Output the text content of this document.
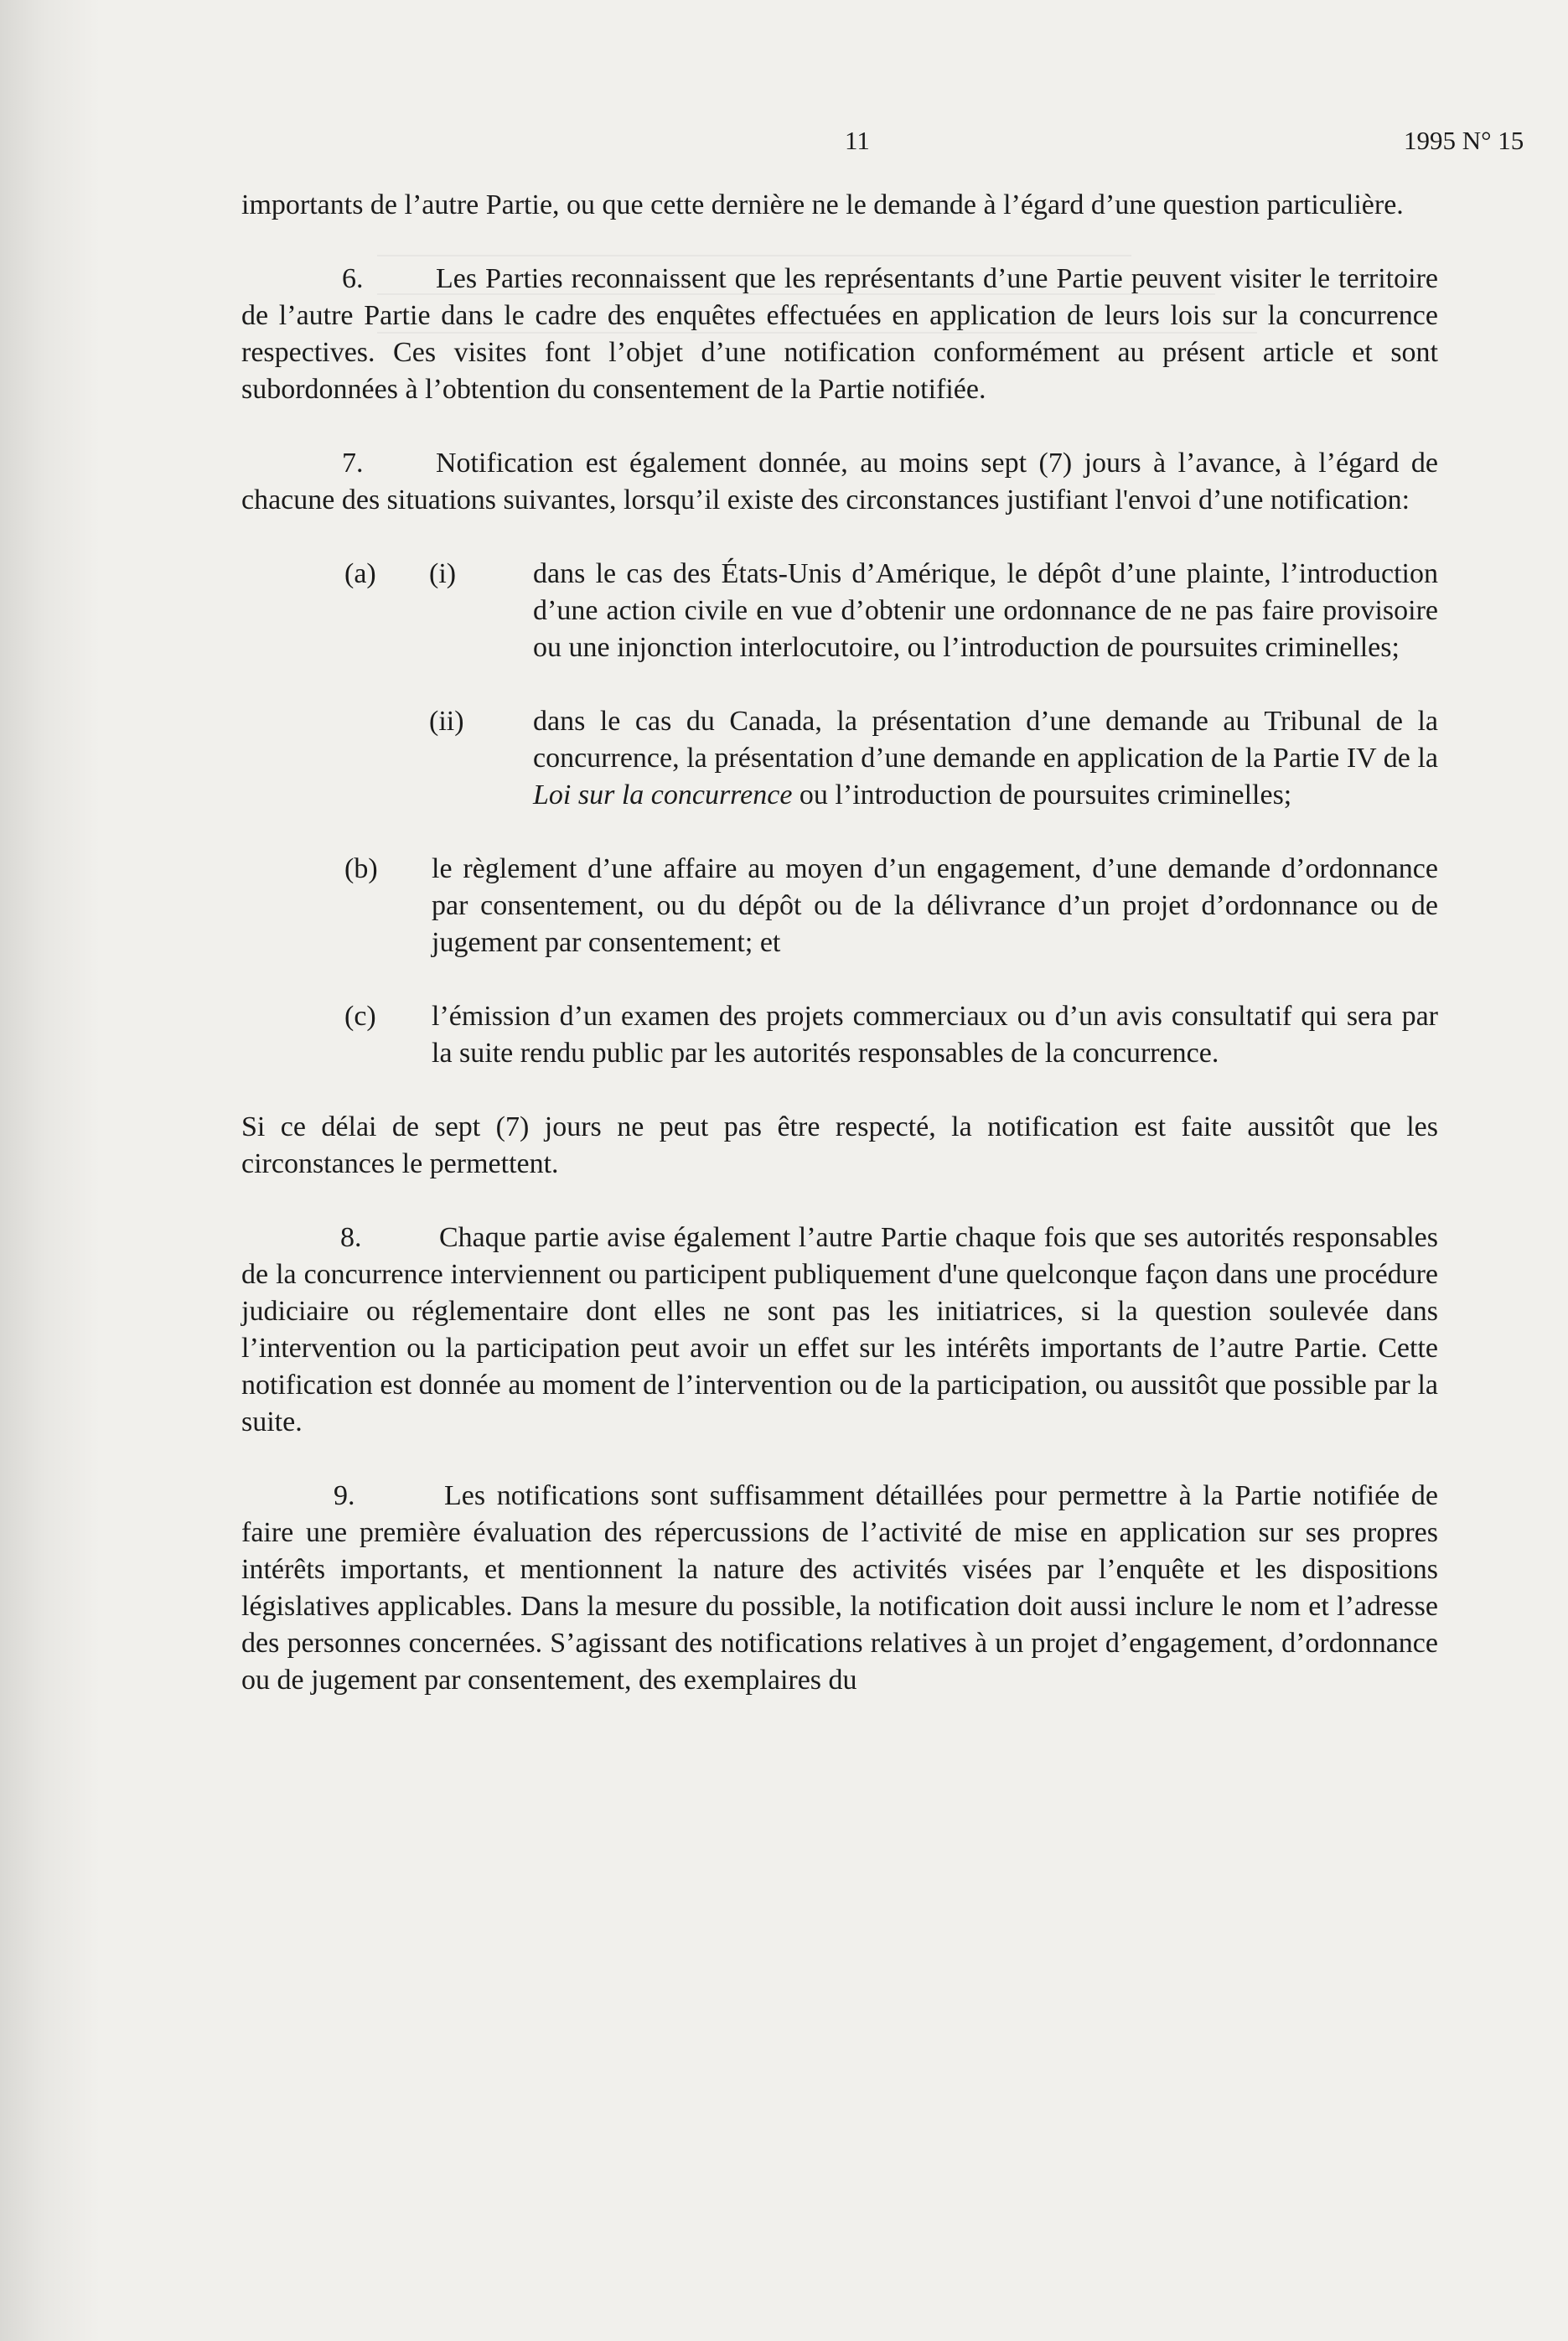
11	1995 N° 15

importants de l’autre Partie, ou que cette dernière ne le demande à l’égard d’une question particulière.

6.	Les Parties reconnaissent que les représentants d’une Partie peuvent visiter le territoire de l’autre Partie dans le cadre des enquêtes effectuées en application de leurs lois sur la concurrence respectives. Ces visites font l’objet d’une notification conformément au présent article et sont subordonnées à l’obtention du consentement de la Partie notifiée.

7.	Notification est également donnée, au moins sept (7) jours à l’avance, à l’égard de chacune des situations suivantes, lorsqu’il existe des circonstances justifiant l'envoi d’une notification:

(a) (i)	dans le cas des États-Unis d’Amérique, le dépôt d’une plainte, l’introduction d’une action civile en vue d’obtenir une ordonnance de ne pas faire provisoire ou une injonction interlocutoire, ou l’introduction de poursuites criminelles;

(ii) dans le cas du Canada, la présentation d’une demande au Tribunal de la concurrence, la présentation d’une demande en application de la Partie IV de la Loi sur la concurrence ou l’introduction de poursuites criminelles;

(b) le règlement d’une affaire au moyen d’un engagement, d’une demande d’ordonnance par consentement, ou du dépôt ou de la délivrance d’un projet d’ordonnance ou de jugement par consentement; et

(c) l’émission d’un examen des projets commerciaux ou d’un avis consultatif qui sera par la suite rendu public par les autorités responsables de la concurrence.

Si ce délai de sept (7) jours ne peut pas être respecté, la notification est faite aussitôt que les circonstances le permettent.

8.	Chaque partie avise également l’autre Partie chaque fois que ses autorités responsables de la concurrence interviennent ou participent publiquement d'une quelconque façon dans une procédure judiciaire ou réglementaire dont elles ne sont pas les initiatrices, si la question soulevée dans l’intervention ou la participation peut avoir un effet sur les intérêts importants de l’autre Partie. Cette notification est donnée au moment de l’intervention ou de la participation, ou aussitôt que possible par la suite.

9.	Les notifications sont suffisamment détaillées pour permettre à la Partie notifiée de faire une première évaluation des répercussions de l’activité de mise en application sur ses propres intérêts importants, et mentionnent la nature des activités visées par l’enquête et les dispositions législatives applicables. Dans la mesure du possible, la notification doit aussi inclure le nom et l’adresse des personnes concernées. S’agissant des notifications relatives à un projet d’engagement, d’ordonnance ou de jugement par consentement, des exemplaires du
